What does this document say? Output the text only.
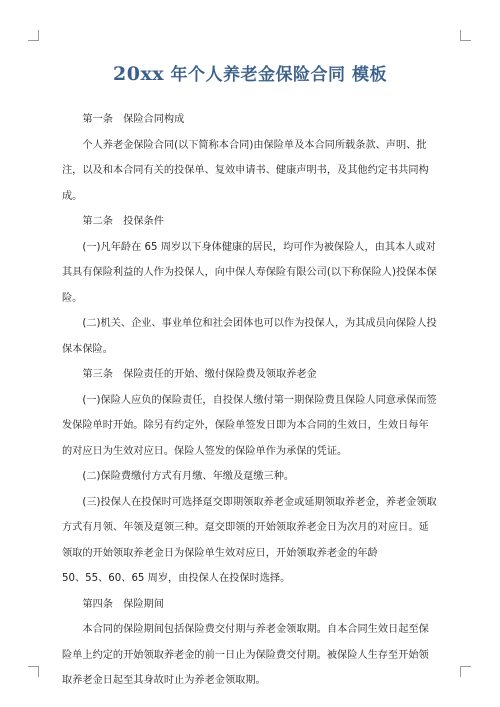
20xx 年个人养老金保险合同 模板

第一条　保险合同构成

个人养老金保险合同(以下简称本合同)由保险单及本合同所载条款、声明、批注，以及和本合同有关的投保单、复效申请书、健康声明书，及其他约定书共同构成。

第二条　投保条件

(一)凡年龄在 65 周岁以下身体健康的居民，均可作为被保险人，由其本人或对其具有保险利益的人作为投保人，向中保人寿保险有限公司(以下称保险人)投保本保险。

(二)机关、企业、事业单位和社会团体也可以作为投保人，为其成员向保险人投保本保险。

第三条　保险责任的开始、缴付保险费及领取养老金

(一)保险人应负的保险责任，自投保人缴付第一期保险费且保险人同意承保而签发保险单时开始。除另有约定外，保险单签发日即为本合同的生效日，生效日每年的对应日为生效对应日。保险人签发的保险单作为承保的凭证。

(二)保险费缴付方式有月缴、年缴及趸缴三种。

(三)投保人在投保时可选择趸交即期领取养老金或延期领取养老金，养老金领取方式有月领、年领及趸领三种。趸交即领的开始领取养老金日为次月的对应日。延领取的开始领取养老金日为保险单生效对应日，开始领取养老金的年龄

50、55、60、65 周岁，由投保人在投保时选择。

第四条　保险期间

本合同的保险期间包括保险费交付期与养老金领取期。自本合同生效日起至保险单上约定的开始领取养老金的前一日止为保险费交付期。被保险人生存至开始领取养老金日起至其身故时止为养老金领取期。
